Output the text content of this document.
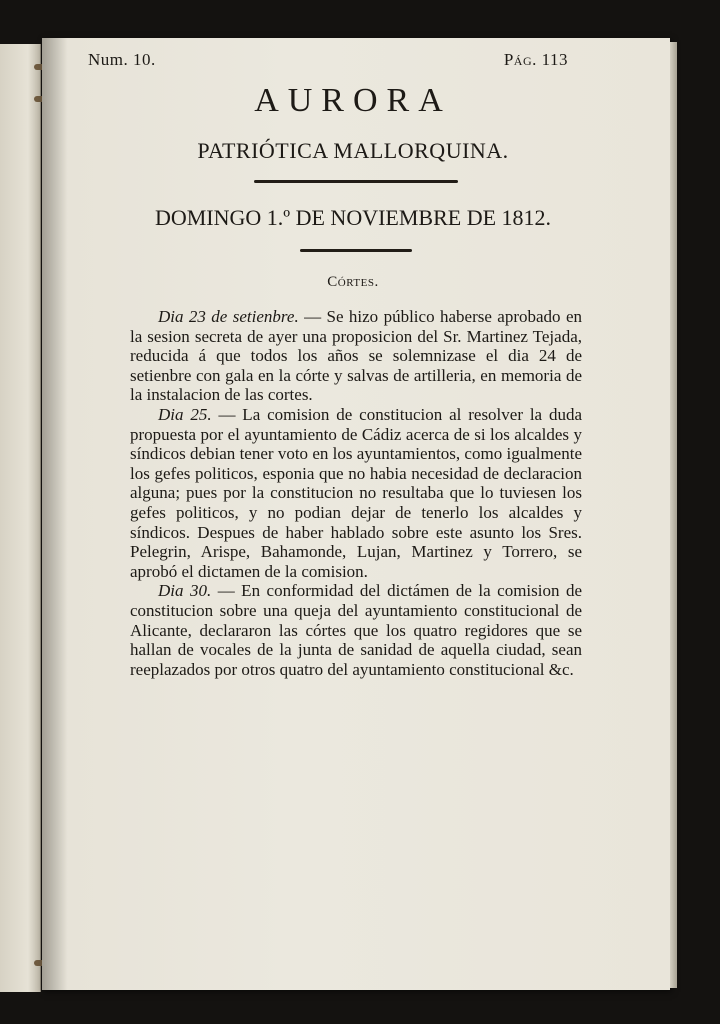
Num. 10.	Pág. 113
AURORA
PATRIÓTICA MALLORQUINA.
DOMINGO 1.º DE NOVIEMBRE DE 1812.
Córtes.

Dia 23 de setienbre. — Se hizo público haberse aprobado en la sesion secreta de ayer una proposicion del Sr. Martinez Tejada, reducida á que todos los años se solemnizase el dia 24 de setienbre con gala en la córte y salvas de artilleria, en memoria de la instalacion de las cortes.

Dia 25. — La comision de constitucion al resolver la duda propuesta por el ayuntamiento de Cádiz acerca de si los alcaldes y síndicos debian tener voto en los ayuntamientos, como igualmente los gefes politicos, esponia que no habia necesidad de declaracion alguna; pues por la constitucion no resultaba que lo tuviesen los gefes politicos, y no podian dejar de tenerlo los alcaldes y síndicos. Despues de haber hablado sobre este asunto los Sres. Pelegrin, Arispe, Bahamonde, Lujan, Martinez y Torrero, se aprobó el dictamen de la comision.

Dia 30. — En conformidad del dictámen de la comision de constitucion sobre una queja del ayuntamiento constitucional de Alicante, declararon las córtes que los quatro regidores que se hallan de vocales de la junta de sanidad de aquella ciudad, sean reeplazados por otros quatro del ayuntamiento constitucional &c.
